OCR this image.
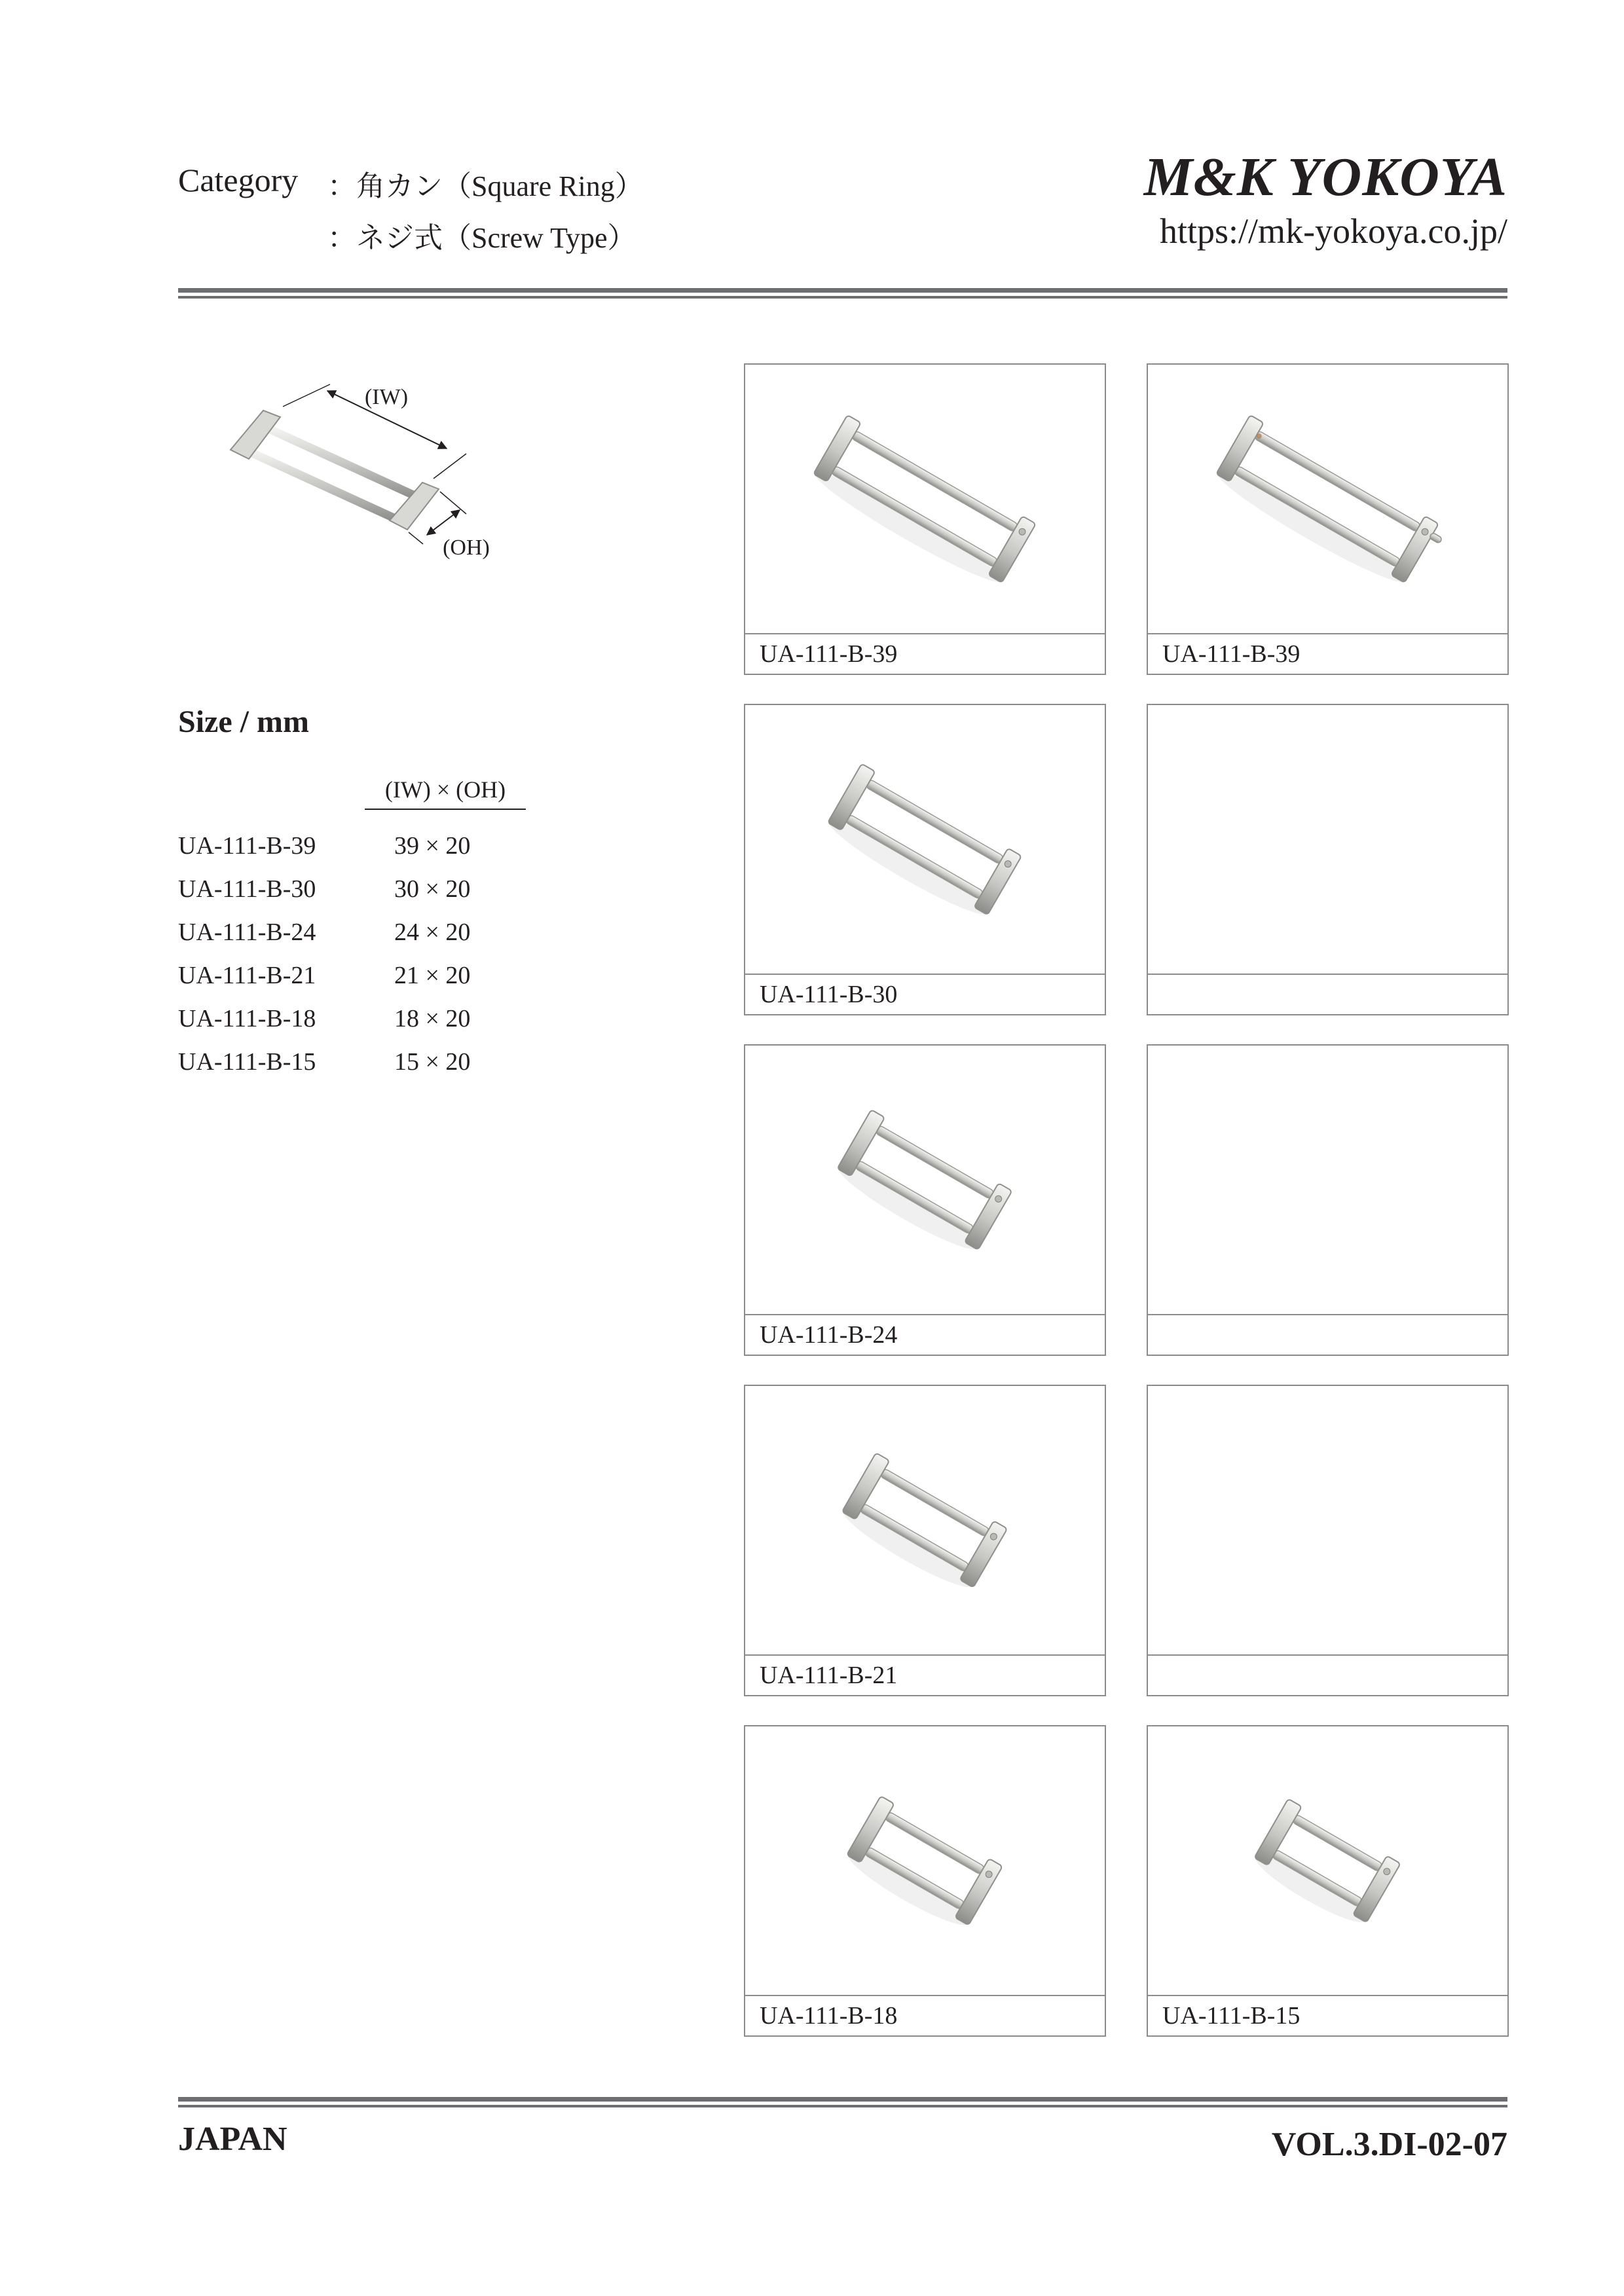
Category ：角カン（Square Ring）
：ネジ式（Screw Type）
M&K YOKOYA
https://mk-yokoya.co.jp/
(IW)
(OH)
Size / mm
(IW) × (OH)
UA-111-B-39	39 × 20
UA-111-B-30	30 × 20
UA-111-B-24	24 × 20
UA-111-B-21	21 × 20
UA-111-B-18	18 × 20
UA-111-B-15	15 × 20
UA-111-B-39	UA-111-B-39
UA-111-B-30
UA-111-B-24
UA-111-B-21
UA-111-B-18	UA-111-B-15
JAPAN	VOL.3.DI-02-07
